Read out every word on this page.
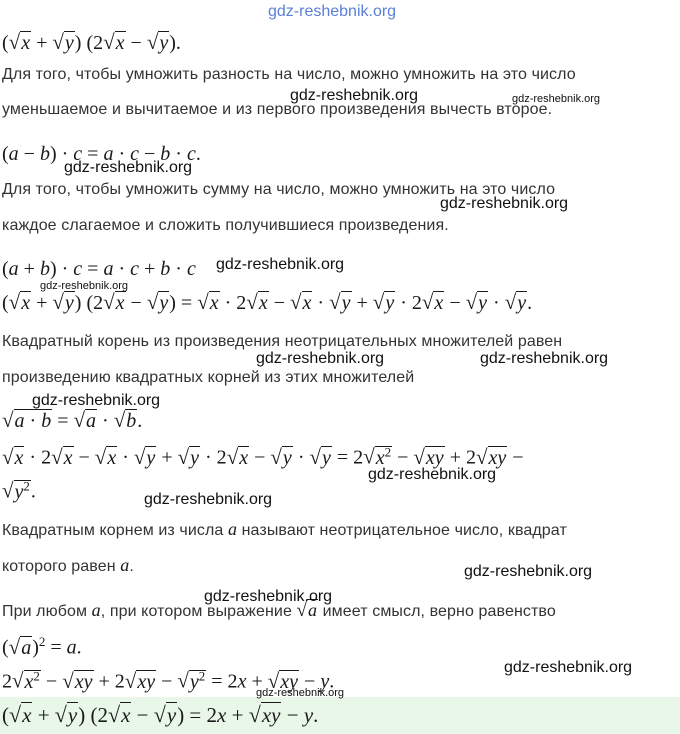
(√x + √y) (2√x − √y).
Для того, чтобы умножить разность на число, можно умножить на это число
уменьшаемое и вычитаемое и из первого произведения вычесть второе.
(a − b) · c = a · c − b · c.
Для того, чтобы умножить сумму на число, можно умножить на это число
каждое слагаемое и сложить получившиеся произведения.
(a + b) · c = a · c + b · c
(√x + √y) (2√x − √y) = √x · 2√x − √x · √y + √y · 2√x − √y · √y.
Квадратный корень из произведения неотрицательных множителей равен
произведению квадратных корней из этих множителей
√a · b = √a · √b.
$√x \cdot 2√x - √x \cdot √y + √y \cdot 2√x - √y \cdot √y = 2√x^2 - √xy + 2√xy$ −
$√y^2$.
Квадратным корнем из числа a называют неотрицательное число, квадрат
которого равен a.
При любом a, при котором выражение √a имеет смысл, верно равенство
$(√a)^2 = a$.
$2√x^2 - √xy + 2√xy - √y^2 = 2x + √xy - y$.
(√x + √y) (2√x − √y) = 2x + √xy − y.
gdz-reshebnik.org
gdz-reshebnik.org	gdz-reshebnik.org
gdz-reshebnik.org
gdz-reshebnik.org
gdz-reshebnik.org
gdz-reshebnik.org
gdz-reshebnik.org	gdz-reshebnik.org
gdz-reshebnik.org
gdz-reshebnik.org
gdz-reshebnik.org
gdz-reshebnik.org
gdz-reshebnik.org
gdz-reshebnik.org
gdz-reshebnik.org
